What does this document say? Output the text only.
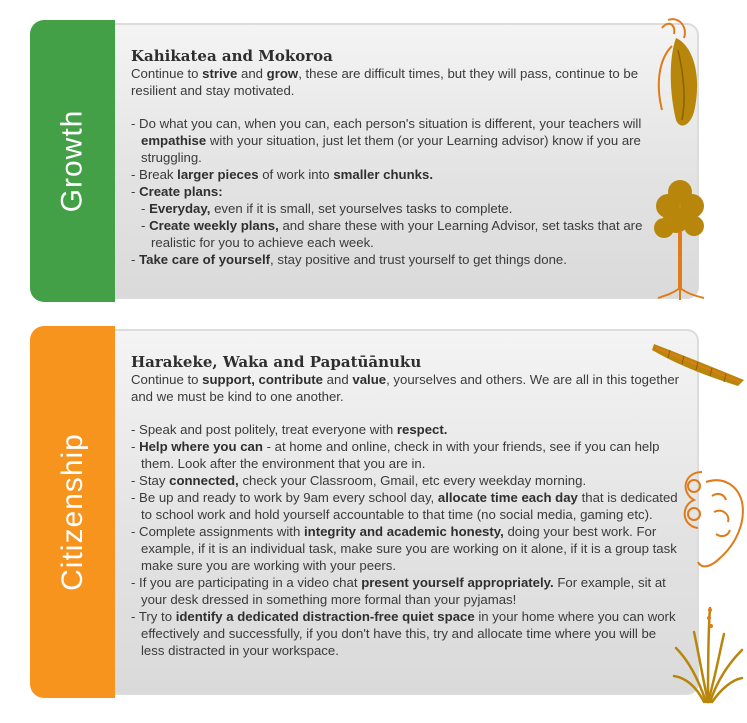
Growth
Kahikatea and Mokoroa

Continue to strive and grow, these are difficult times, but they will pass, continue to be resilient and stay motivated.

- Do what you can, when you can, each person's situation is different, your teachers will empathise with your situation, just let them (or your Learning advisor) know if you are struggling.
- Break larger pieces of work into smaller chunks.
- Create plans:
- Everyday, even if it is small, set yourselves tasks to complete.
- Create weekly plans, and share these with your Learning Advisor, set tasks that are realistic for you to achieve each week.
- Take care of yourself, stay positive and trust yourself to get things done.
Citizenship
Harakeke, Waka and Papatūānuku

Continue to support, contribute and value, yourselves and others. We are all in this together and we must be kind to one another.

- Speak and post politely, treat everyone with respect.
- Help where you can - at home and online, check in with your friends, see if you can help them. Look after the environment that you are in.
- Stay connected, check your Classroom, Gmail, etc every weekday morning.
- Be up and ready to work by 9am every school day, allocate time each day that is dedicated to school work and hold yourself accountable to that time (no social media, gaming etc).
- Complete assignments with integrity and academic honesty, doing your best work. For example, if it is an individual task, make sure you are working on it alone, if it is a group task make sure you are working with your peers.
- If you are participating in a video chat present yourself appropriately. For example, sit at your desk dressed in something more formal than your pyjamas!
- Try to identify a dedicated distraction-free quiet space in your home where you can work effectively and successfully, if you don't have this, try and allocate time where you will be less distracted in your workspace.
